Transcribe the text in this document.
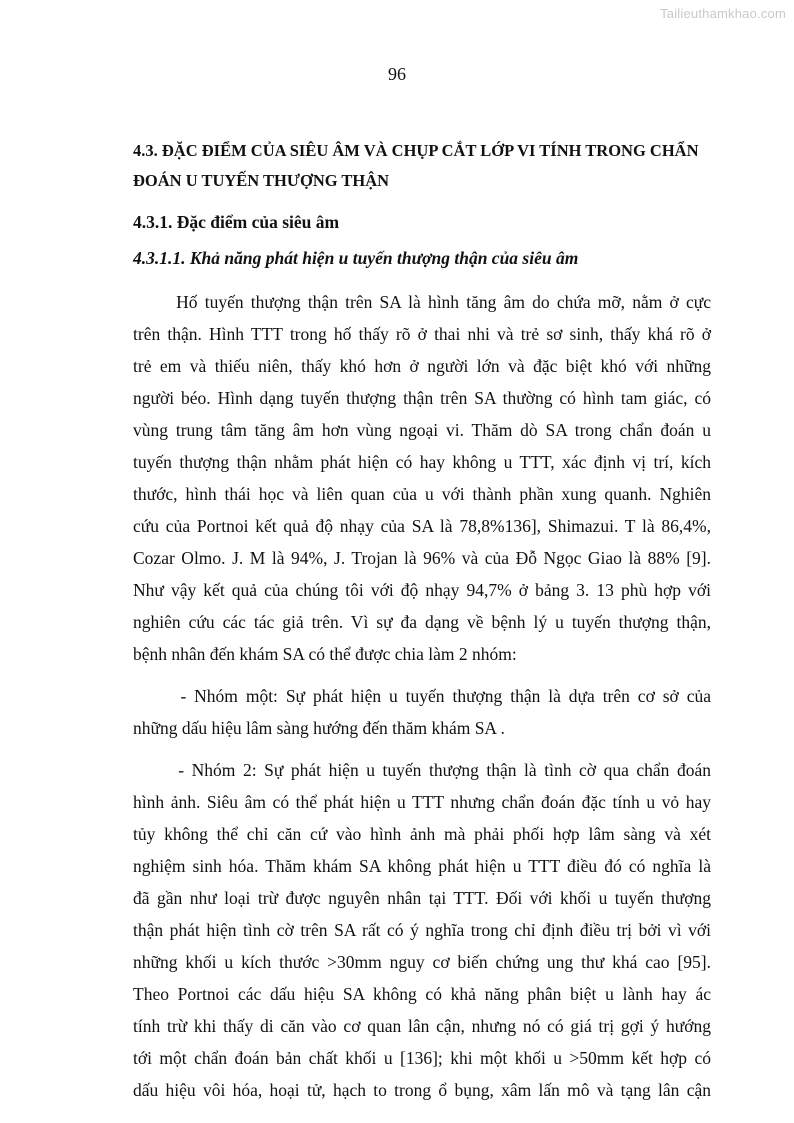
Tailieuthamkhao.com
96
4.3. ĐẶC ĐIỂM CỦA SIÊU ÂM VÀ CHỤP CẮT LỚP VI TÍNH TRONG CHẨN
ĐOÁN U TUYẾN THƯỢNG THẬN
4.3.1. Đặc điểm của siêu âm
4.3.1.1. Khả năng phát hiện u tuyến thượng thận của siêu âm
Hố tuyến thượng thận trên SA là hình tăng âm do chứa mỡ, nằm ở cực
trên thận. Hình TTT trong hố thấy rõ ở thai nhi và trẻ sơ sinh, thấy khá rõ ở
trẻ em và thiếu niên, thấy khó hơn ở người lớn và đặc biệt khó với những
người béo. Hình dạng tuyến thượng thận trên SA thường có hình tam giác, có
vùng trung tâm tăng âm hơn vùng ngoại vi. Thăm dò SA trong chẩn đoán u
tuyến thượng thận nhằm phát hiện có hay không u TTT, xác định vị trí, kích
thước, hình thái học và liên quan của u với thành phần xung quanh. Nghiên
cứu của Portnoi kết quả độ nhạy của SA là 78,8%136], Shimazui. T là 86,4%,
Cozar Olmo. J. M là 94%, J. Trojan là 96% và của Đỗ Ngọc Giao là 88% [9].
Như vậy kết quả của chúng tôi với độ nhạy 94,7% ở bảng 3. 13 phù hợp với
nghiên cứu các tác giả trên. Vì sự đa dạng về bệnh lý u tuyến thượng thận,
bệnh nhân đến khám SA có thể được chia làm 2 nhóm:
- Nhóm một: Sự phát hiện u tuyến thượng thận là dựa trên cơ sở của
những dấu hiệu lâm sàng hướng đến thăm khám SA .
- Nhóm 2: Sự phát hiện u tuyến thượng thận là tình cờ qua chẩn đoán
hình ảnh. Siêu âm có thể phát hiện u TTT nhưng chẩn đoán đặc tính u vỏ hay
tủy không thể chỉ căn cứ vào hình ảnh mà phải phối hợp lâm sàng và xét
nghiệm sinh hóa. Thăm khám SA không phát hiện u TTT điều đó có nghĩa là
đã gần như loại trừ được nguyên nhân tại TTT. Đối với khối u tuyến thượng
thận phát hiện tình cờ trên SA rất có ý nghĩa trong chỉ định điều trị bởi vì với
những khối u kích thước >30mm nguy cơ biến chứng ung thư khá cao [95].
Theo Portnoi các dấu hiệu SA không có khả năng phân biệt u lành hay ác
tính trừ khi thấy di căn vào cơ quan lân cận, nhưng nó có giá trị gợi ý hướng
tới một chẩn đoán bản chất khối u [136]; khi một khối u >50mm kết hợp có
dấu hiệu vôi hóa, hoại tử, hạch to trong ổ bụng, xâm lấn mô và tạng lân cận
